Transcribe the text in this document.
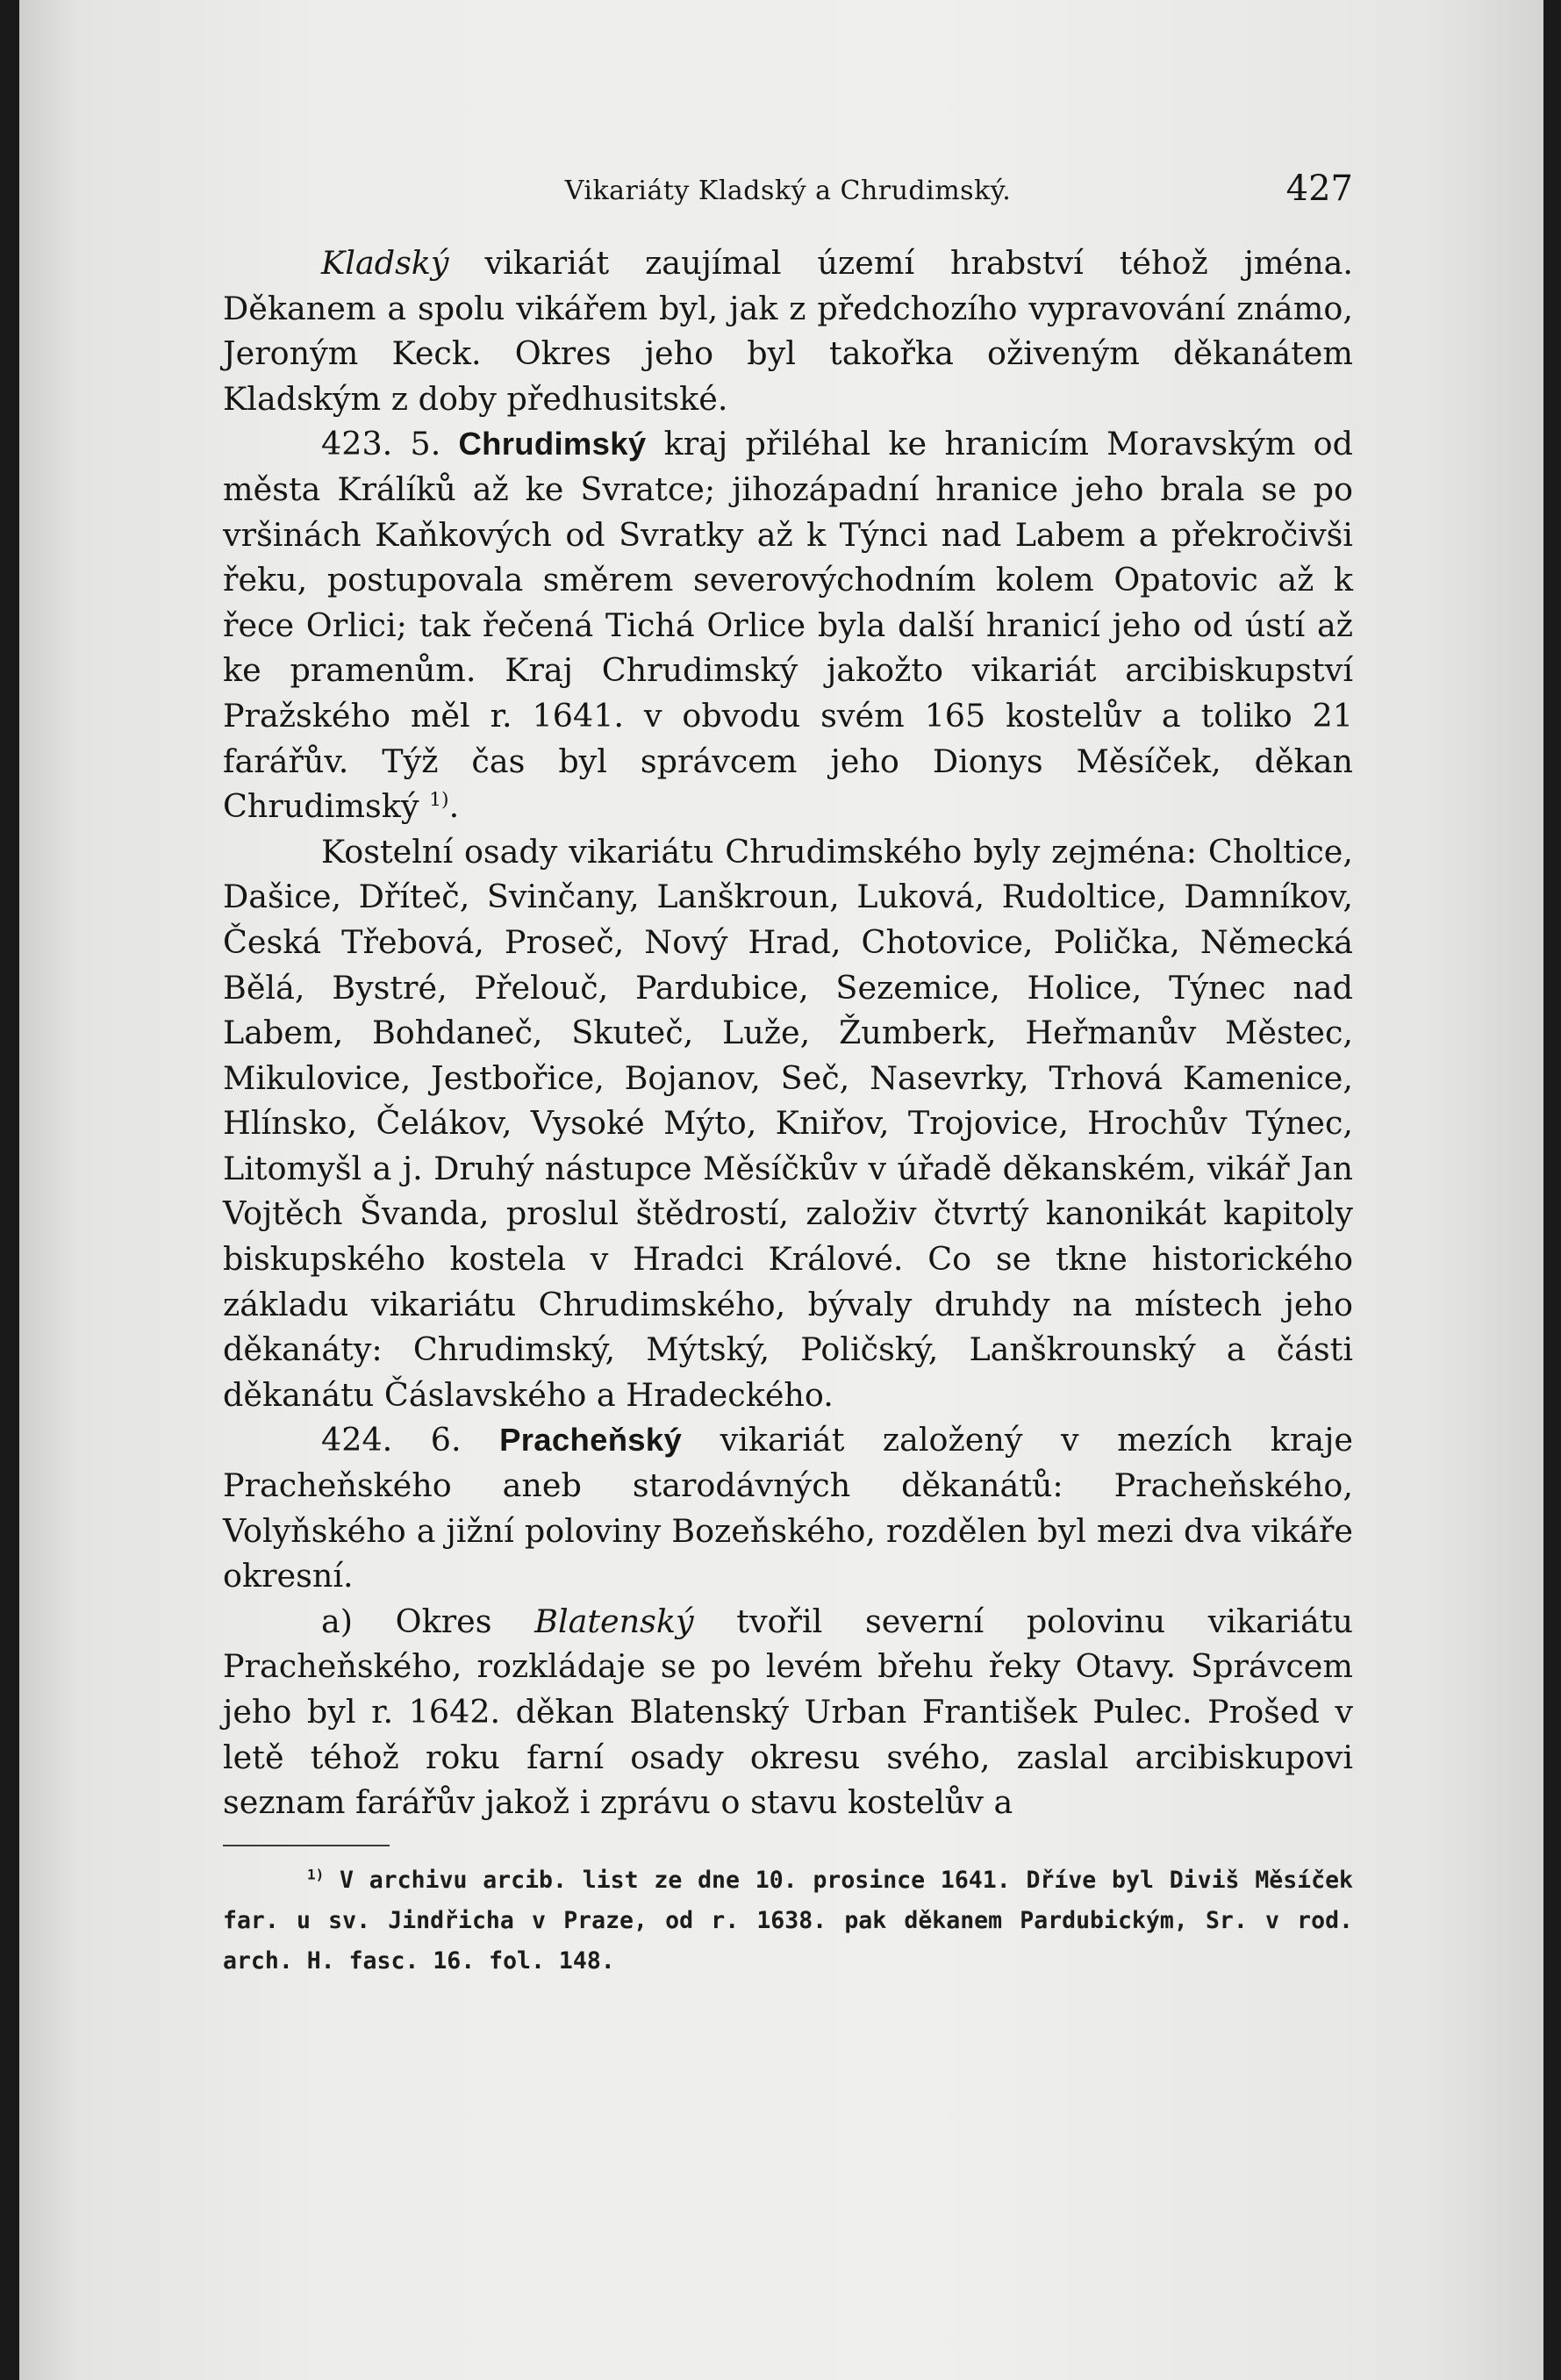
Vikariáty Kladský a Chrudimský.	427

Kladský vikariát zaujímal území hrabství téhož jména. Děkanem a spolu vikářem byl, jak z předchozího vypravování známo, Jeroným Keck. Okres jeho byl takořka oživeným děkanátem Kladským z doby předhusitské.

423. 5. Chrudimský kraj přiléhal ke hranicím Moravským od města Králíků až ke Svratce; jihozápadní hranice jeho brala se po vršinách Kaňkových od Svratky až k Týnci nad Labem a překročivši řeku, postupovala směrem severovýchodním kolem Opatovic až k řece Orlici; tak řečená Tichá Orlice byla další hranicí jeho od ústí až ke pramenům. Kraj Chrudimský jakožto vikariát arcibiskupství Pražského měl r. 1641. v obvodu svém 165 kostelův a toliko 21 farářův. Týž čas byl správcem jeho Dionys Měsíček, děkan Chrudimský $^{1)}$.

Kostelní osady vikariátu Chrudimského byly zejména: Choltice, Dašice, Dříteč, Svinčany, Lanškroun, Luková, Rudoltice, Damníkov, Česká Třebová, Proseč, Nový Hrad, Chotovice, Polička, Německá Bělá, Bystré, Přelouč, Pardubice, Sezemice, Holice, Týnec nad Labem, Bohdaneč, Skuteč, Luže, Žumberk, Heřmanův Městec, Mikulovice, Jestbořice, Bojanov, Seč, Nasevrky, Trhová Kamenice, Hlínsko, Čelákov, Vysoké Mýto, Kniřov, Trojovice, Hrochův Týnec, Litomyšl a j. Druhý nástupce Měsíčkův v úřadě děkanském, vikář Jan Vojtěch Švanda, proslul štědrostí, založiv čtvrtý kanonikát kapitoly biskupského kostela v Hradci Králové. Co se tkne historického základu vikariátu Chrudimského, bývaly druhdy na místech jeho děkanáty: Chrudimský, Mýtský, Poličský, Lanškrounský a části děkanátu Čáslavského a Hradeckého.

424. 6. Pracheňský vikariát založený v mezích kraje Pracheňského aneb starodávných děkanátů: Pracheňského, Volyňského a jižní poloviny Bozeňského, rozdělen byl mezi dva vikáře okresní.

a) Okres Blatenský tvořil severní polovinu vikariátu Pracheňského, rozkládaje se po levém břehu řeky Otavy. Správcem jeho byl r. 1642. děkan Blatenský Urban František Pulec. Prošed v letě téhož roku farní osady okresu svého, zaslal arcibiskupovi seznam farářův jakož i zprávu o stavu kostelův a

$^{1)}$ V archivu arcib. list ze dne 10. prosince 1641. Dříve byl Diviš Měsíček far. u sv. Jindřicha v Praze, od r. 1638. pak děkanem Pardubickým, Sr. v rod. arch. H. fasc. 16. fol. 148.
